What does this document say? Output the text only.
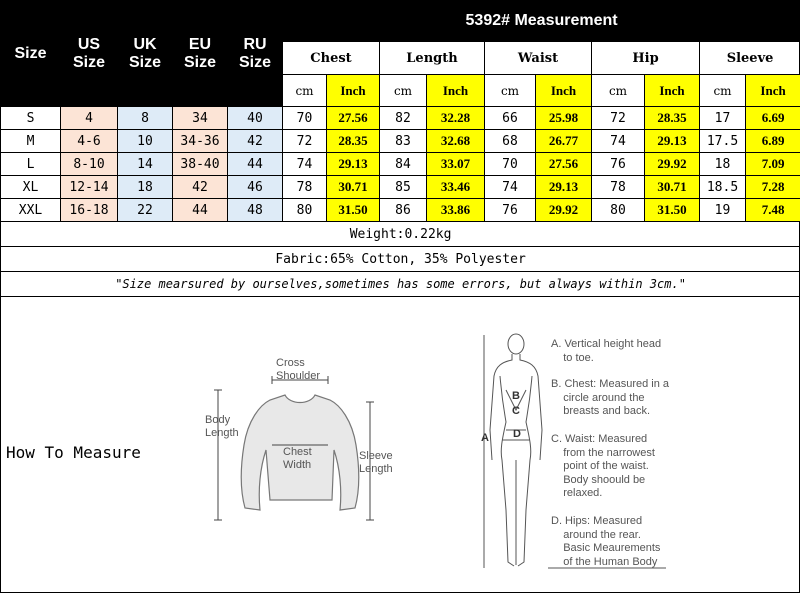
Size	US Size	UK Size	EU Size	RU Size	5392# Measurement									
					Chest		Length		Waist		Hip		Sleeve	
					cm	Inch	cm	Inch	cm	Inch	cm	Inch	cm	Inch
S	4	8	34	40	70	27.56	82	32.28	66	25.98	72	28.35	17	6.69
M	4-6	10	34-36	42	72	28.35	83	32.68	68	26.77	74	29.13	17.5	6.89
L	8-10	14	38-40	44	74	29.13	84	33.07	70	27.56	76	29.92	18	7.09
XL	12-14	18	42	46	78	30.71	85	33.46	74	29.13	78	30.71	18.5	7.28
XXL	16-18	22	44	48	80	31.50	86	33.86	76	29.92	80	31.50	19	7.48
Weight:0.22kg														
Fabric:65% Cotton, 35% Polyester														
"Size mearsured by ourselves,sometimes has some errors, but always within 3cm."														
How To Measure
Cross
Shoulder
Body
Length
Chest
Width
Sleeve
Length
A
B
C
D
A. Vertical height head
to toe.
B. Chest: Measured in a
circle around the
breasts and back.
C. Waist: Measured
from the narrowest
point of the waist.
Body shoould be
relaxed.
D. Hips: Measured
around the rear.
Basic Meaurements
of the Human Body
